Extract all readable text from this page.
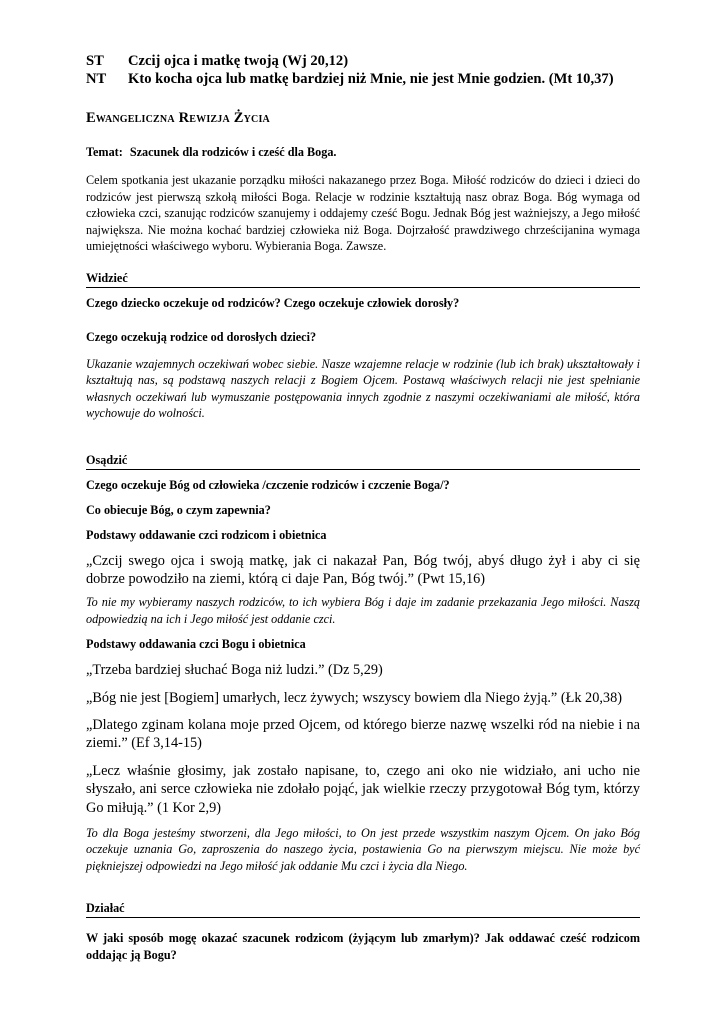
ST	Czcij ojca i matkę twoją (Wj 20,12)
NT	Kto kocha ojca lub matkę bardziej niż Mnie, nie jest Mnie godzien. (Mt 10,37)
Ewangeliczna Rewizja Życia
Temat: Szacunek dla rodziców i cześć dla Boga.
Celem spotkania jest ukazanie porządku miłości nakazanego przez Boga. Miłość rodziców do dzieci i dzieci do rodziców jest pierwszą szkołą miłości Boga. Relacje w rodzinie kształtują nasz obraz Boga. Bóg wymaga od człowieka czci, szanując rodziców szanujemy i oddajemy cześć Bogu. Jednak Bóg jest ważniejszy, a Jego miłość największa. Nie można kochać bardziej człowieka niż Boga. Dojrzałość prawdziwego chrześcijanina wymaga umiejętności właściwego wyboru. Wybierania Boga. Zawsze.
Widzieć
Czego dziecko oczekuje od rodziców? Czego oczekuje człowiek dorosły?
Czego oczekują rodzice od dorosłych dzieci?
Ukazanie wzajemnych oczekiwań wobec siebie. Nasze wzajemne relacje w rodzinie (lub ich brak) ukształtowały i kształtują nas, są podstawą naszych relacji z Bogiem Ojcem. Postawą właściwych relacji nie jest spełnianie własnych oczekiwań lub wymuszanie postępowania innych zgodnie z naszymi oczekiwaniami ale miłość, która wychowuje do wolności.
Osądzić
Czego oczekuje Bóg od człowieka /czczenie rodziców i czczenie Boga/?
Co obiecuje Bóg, o czym zapewnia?
Podstawy oddawanie czci rodzicom i obietnica
„Czcij swego ojca i swoją matkę, jak ci nakazał Pan, Bóg twój, abyś długo żył i aby ci się dobrze powodziło na ziemi, którą ci daje Pan, Bóg twój.” (Pwt 15,16)
To nie my wybieramy naszych rodziców, to ich wybiera Bóg i daje im zadanie przekazania Jego miłości. Naszą odpowiedzią na ich i Jego miłość jest oddanie czci.
Podstawy oddawania czci Bogu i obietnica
„Trzeba bardziej słuchać Boga niż ludzi.” (Dz 5,29)
„Bóg nie jest [Bogiem] umarłych, lecz żywych; wszyscy bowiem dla Niego żyją.” (Łk 20,38)
„Dlatego zginam kolana moje przed Ojcem, od którego bierze nazwę wszelki ród na niebie i na ziemi.” (Ef 3,14-15)
„Lecz właśnie głosimy, jak zostało napisane, to, czego ani oko nie widziało, ani ucho nie słyszało, ani serce człowieka nie zdołało pojąć, jak wielkie rzeczy przygotował Bóg tym, którzy Go miłują.” (1 Kor 2,9)
To dla Boga jesteśmy stworzeni, dla Jego miłości, to On jest przede wszystkim naszym Ojcem. On jako Bóg oczekuje uznania Go, zaproszenia do naszego życia, postawienia Go na pierwszym miejscu. Nie może być piękniejszej odpowiedzi na Jego miłość jak oddanie Mu czci i życia dla Niego.
Działać
W jaki sposób mogę okazać szacunek rodzicom (żyjącym lub zmarłym)? Jak oddawać cześć rodzicom oddając ją Bogu?
